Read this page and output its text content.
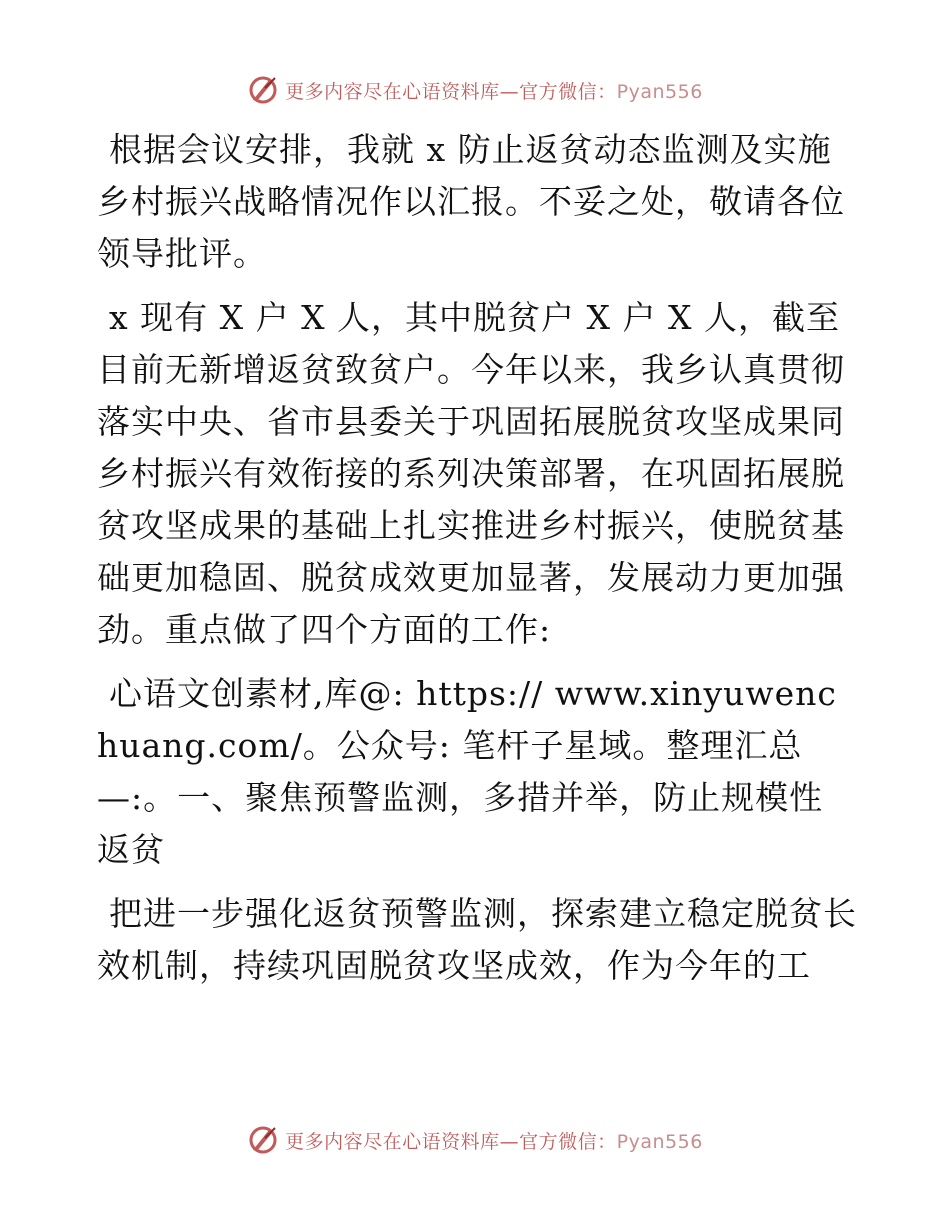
更多内容尽在心语资料库—官方微信：Pyan556

根据会议安排，我就 x 防止返贫动态监测及实施乡村振兴战略情况作以汇报。不妥之处，敬请各位领导批评。

x 现有 X 户 X 人，其中脱贫户 X 户 X 人，截至目前无新增返贫致贫户。今年以来，我乡认真贯彻落实中央、省市县委关于巩固拓展脱贫攻坚成果同乡村振兴有效衔接的系列决策部署，在巩固拓展脱贫攻坚成果的基础上扎实推进乡村振兴，使脱贫基础更加稳固、脱贫成效更加显著，发展动力更加强劲。重点做了四个方面的工作:

心语文创素材,库@: https:// www.xinyuwenchuang.com/。公众号: 笔杆子星域。整理汇总—:。一、聚焦预警监测，多措并举，防止规模性返贫

把进一步强化返贫预警监测，探索建立稳定脱贫长效机制，持续巩固脱贫攻坚成效，作为今年的工

更多内容尽在心语资料库—官方微信：Pyan556
